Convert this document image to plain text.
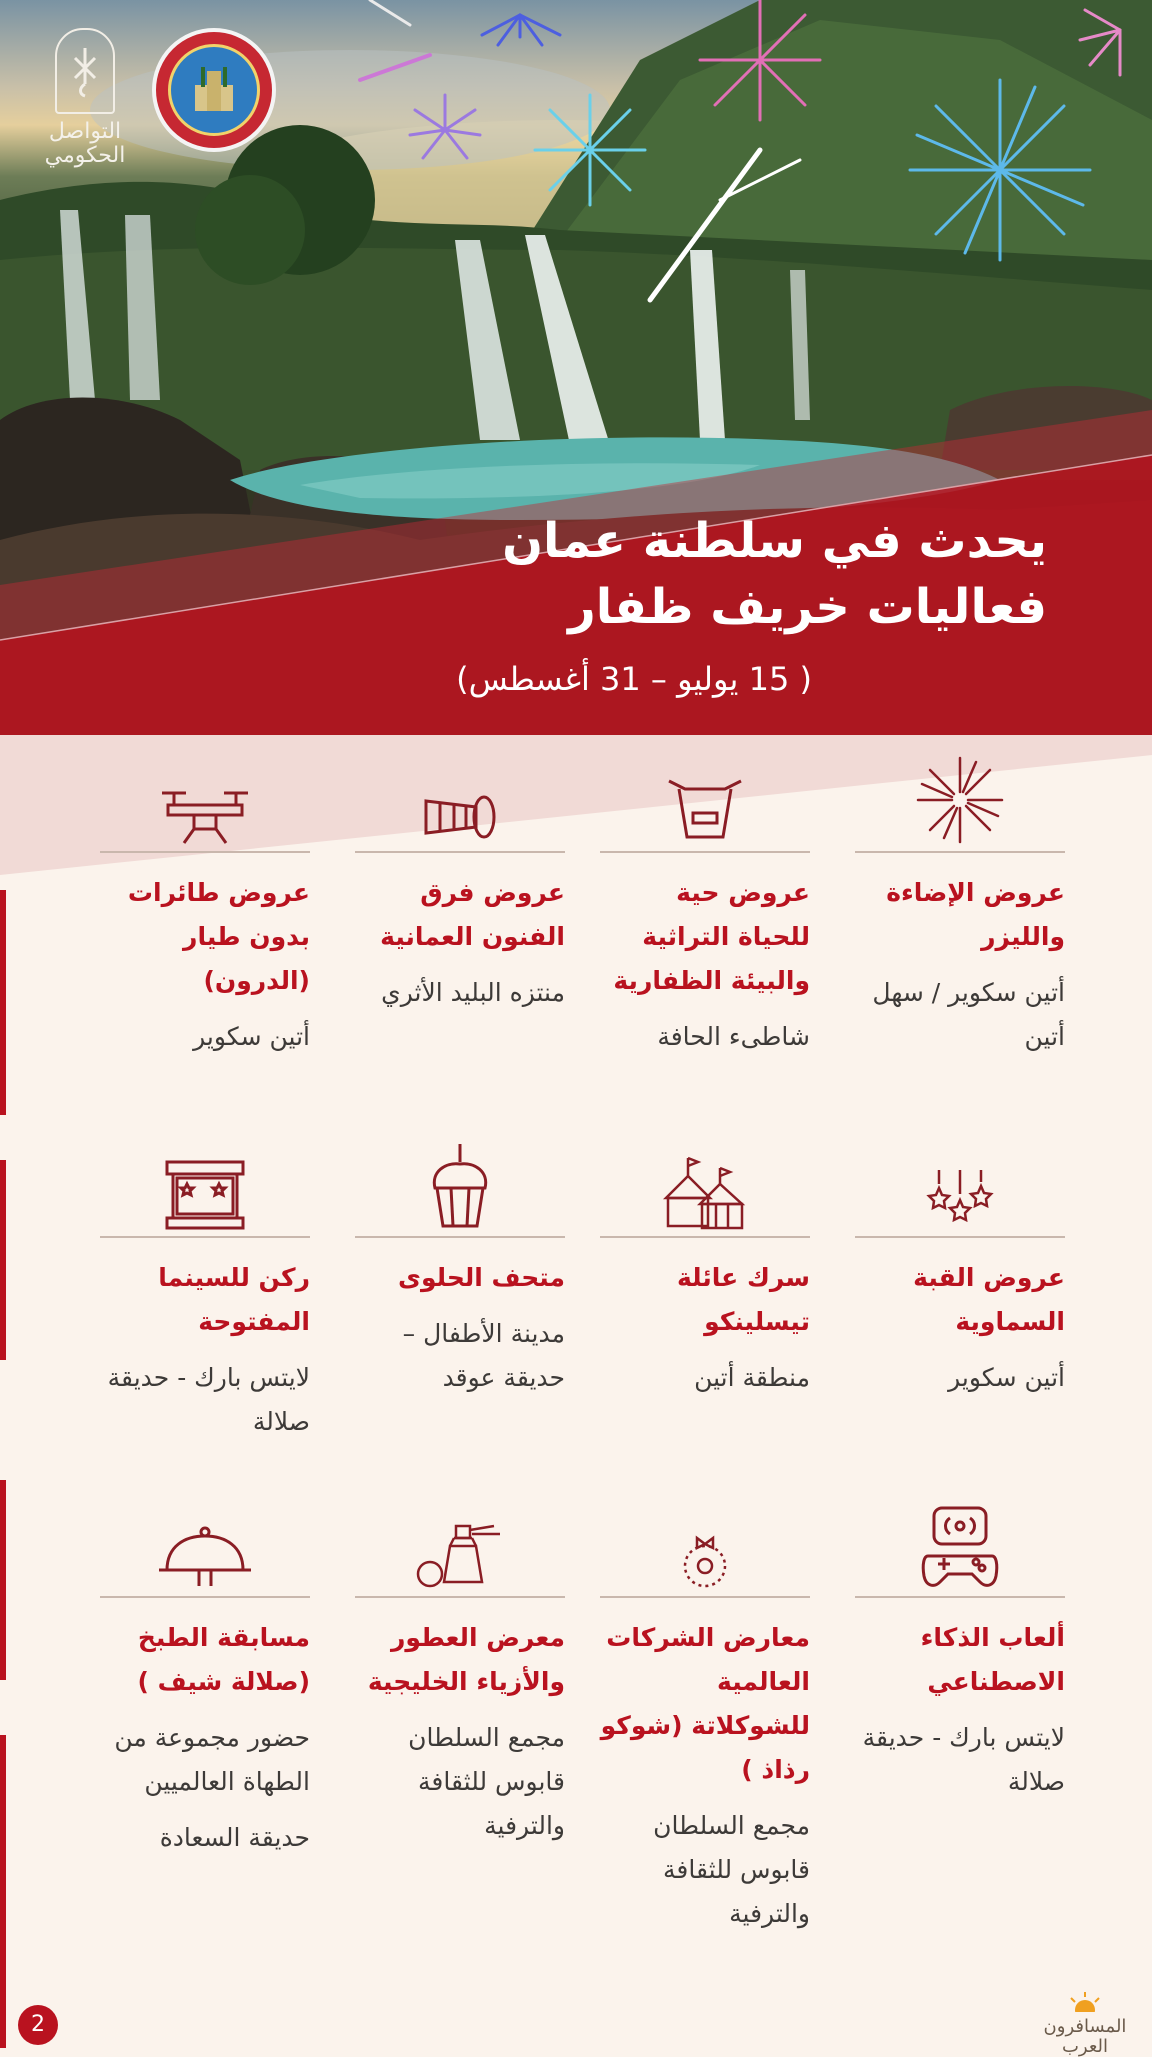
التواصل الحكومي
يحدث في سلطنة عمان
فعاليات خريف ظفار

( 15 يوليو – 31 أغسطس)

عروض الإضاءة والليزر

أتين سكوير / سهل أتين

عروض حية للحياة التراثية والبيئة الظفارية

شاطىء الحافة

عروض فرق الفنون العمانية

منتزه البليد الأثري

عروض طائرات بدون طيار (الدرون)

أتين سكوير

عروض القبة السماوية

أتين سكوير

سرك عائلة تيسلينكو

منطقة أتين

متحف الحلوى

مدينة الأطفال – حديقة عوقد

ركن للسينما المفتوحة

لايتس بارك - حديقة صلالة

ألعاب الذكاء الاصطناعي

لايتس بارك - حديقة صلالة

معارض الشركات العالمية للشوكلاتة (شوكو رذاذ )

مجمع السلطان قابوس للثقافة والترفية

معرض العطور والأزياء الخليجية

مجمع السلطان قابوس للثقافة والترفية

مسابقة الطبخ (صلالة شيف )

حضور مجموعة من الطهاة العالميين

حديقة السعادة

2	المسافرون العرب
